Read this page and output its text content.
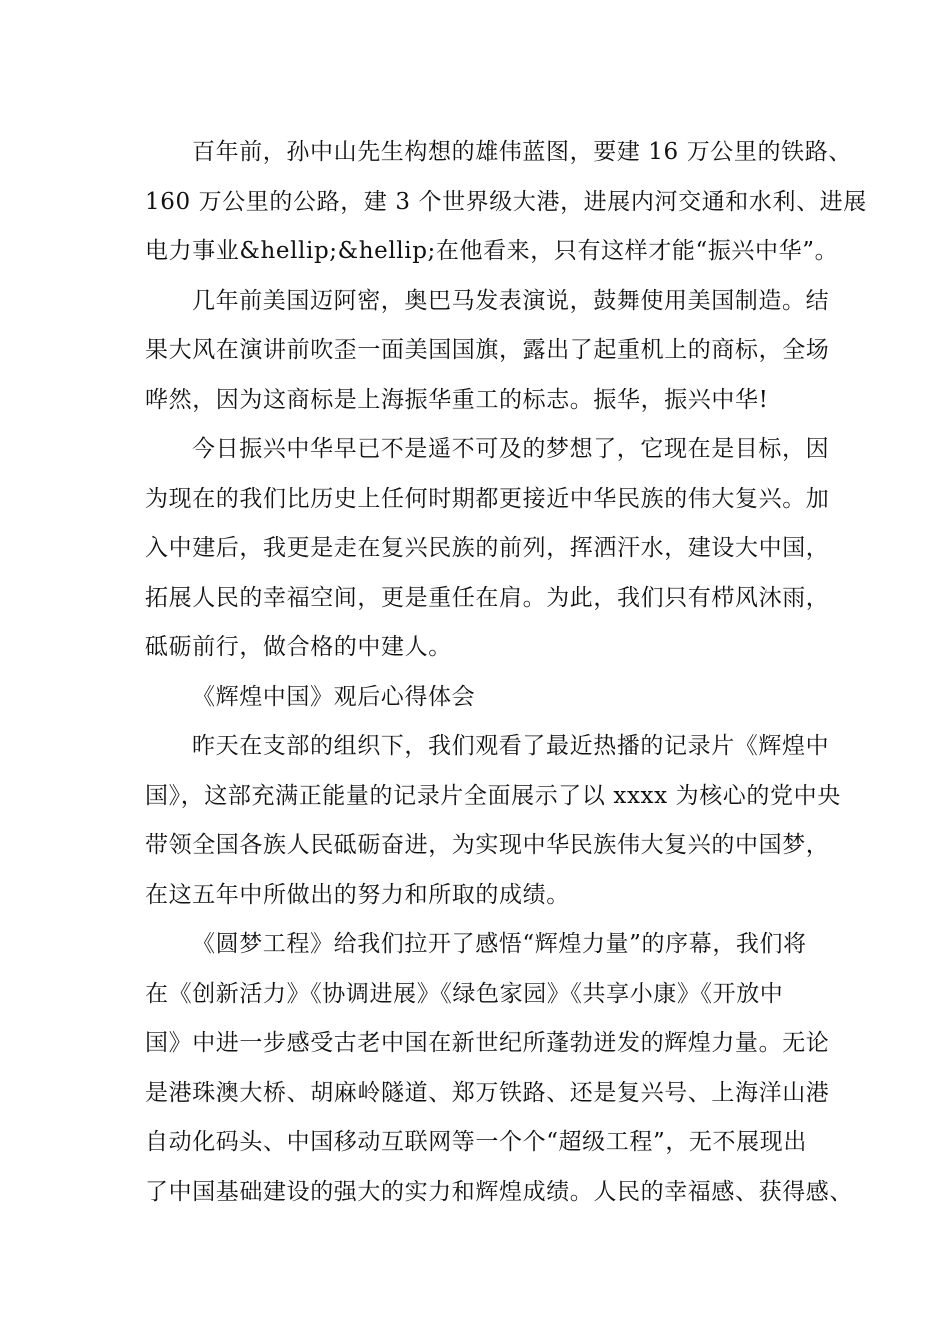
百年前，孙中山先生构想的雄伟蓝图，要建 16 万公里的铁路、
160 万公里的公路，建 3 个世界级大港，进展内河交通和水利、进展
电力事业&hellip;&hellip;在他看来，只有这样才能“振兴中华”。
几年前美国迈阿密，奥巴马发表演说，鼓舞使用美国制造。结
果大风在演讲前吹歪一面美国国旗，露出了起重机上的商标，全场
哗然，因为这商标是上海振华重工的标志。振华，振兴中华!
今日振兴中华早已不是遥不可及的梦想了，它现在是目标，因
为现在的我们比历史上任何时期都更接近中华民族的伟大复兴。加
入中建后，我更是走在复兴民族的前列，挥洒汗水，建设大中国，
拓展人民的幸福空间，更是重任在肩。为此，我们只有栉风沐雨，
砥砺前行，做合格的中建人。
《辉煌中国》观后心得体会
昨天在支部的组织下，我们观看了最近热播的记录片《辉煌中
国》，这部充满正能量的记录片全面展示了以 xxxx 为核心的党中央
带领全国各族人民砥砺奋进，为实现中华民族伟大复兴的中国梦，
在这五年中所做出的努力和所取的成绩。
《圆梦工程》给我们拉开了感悟“辉煌力量”的序幕，我们将
在《创新活力》《协调进展》《绿色家园》《共享小康》《开放中
国》中进一步感受古老中国在新世纪所蓬勃迸发的辉煌力量。无论
是港珠澳大桥、胡麻岭隧道、郑万铁路、还是复兴号、上海洋山港
自动化码头、中国移动互联网等一个个“超级工程”，无不展现出
了中国基础建设的强大的实力和辉煌成绩。人民的幸福感、获得感、
